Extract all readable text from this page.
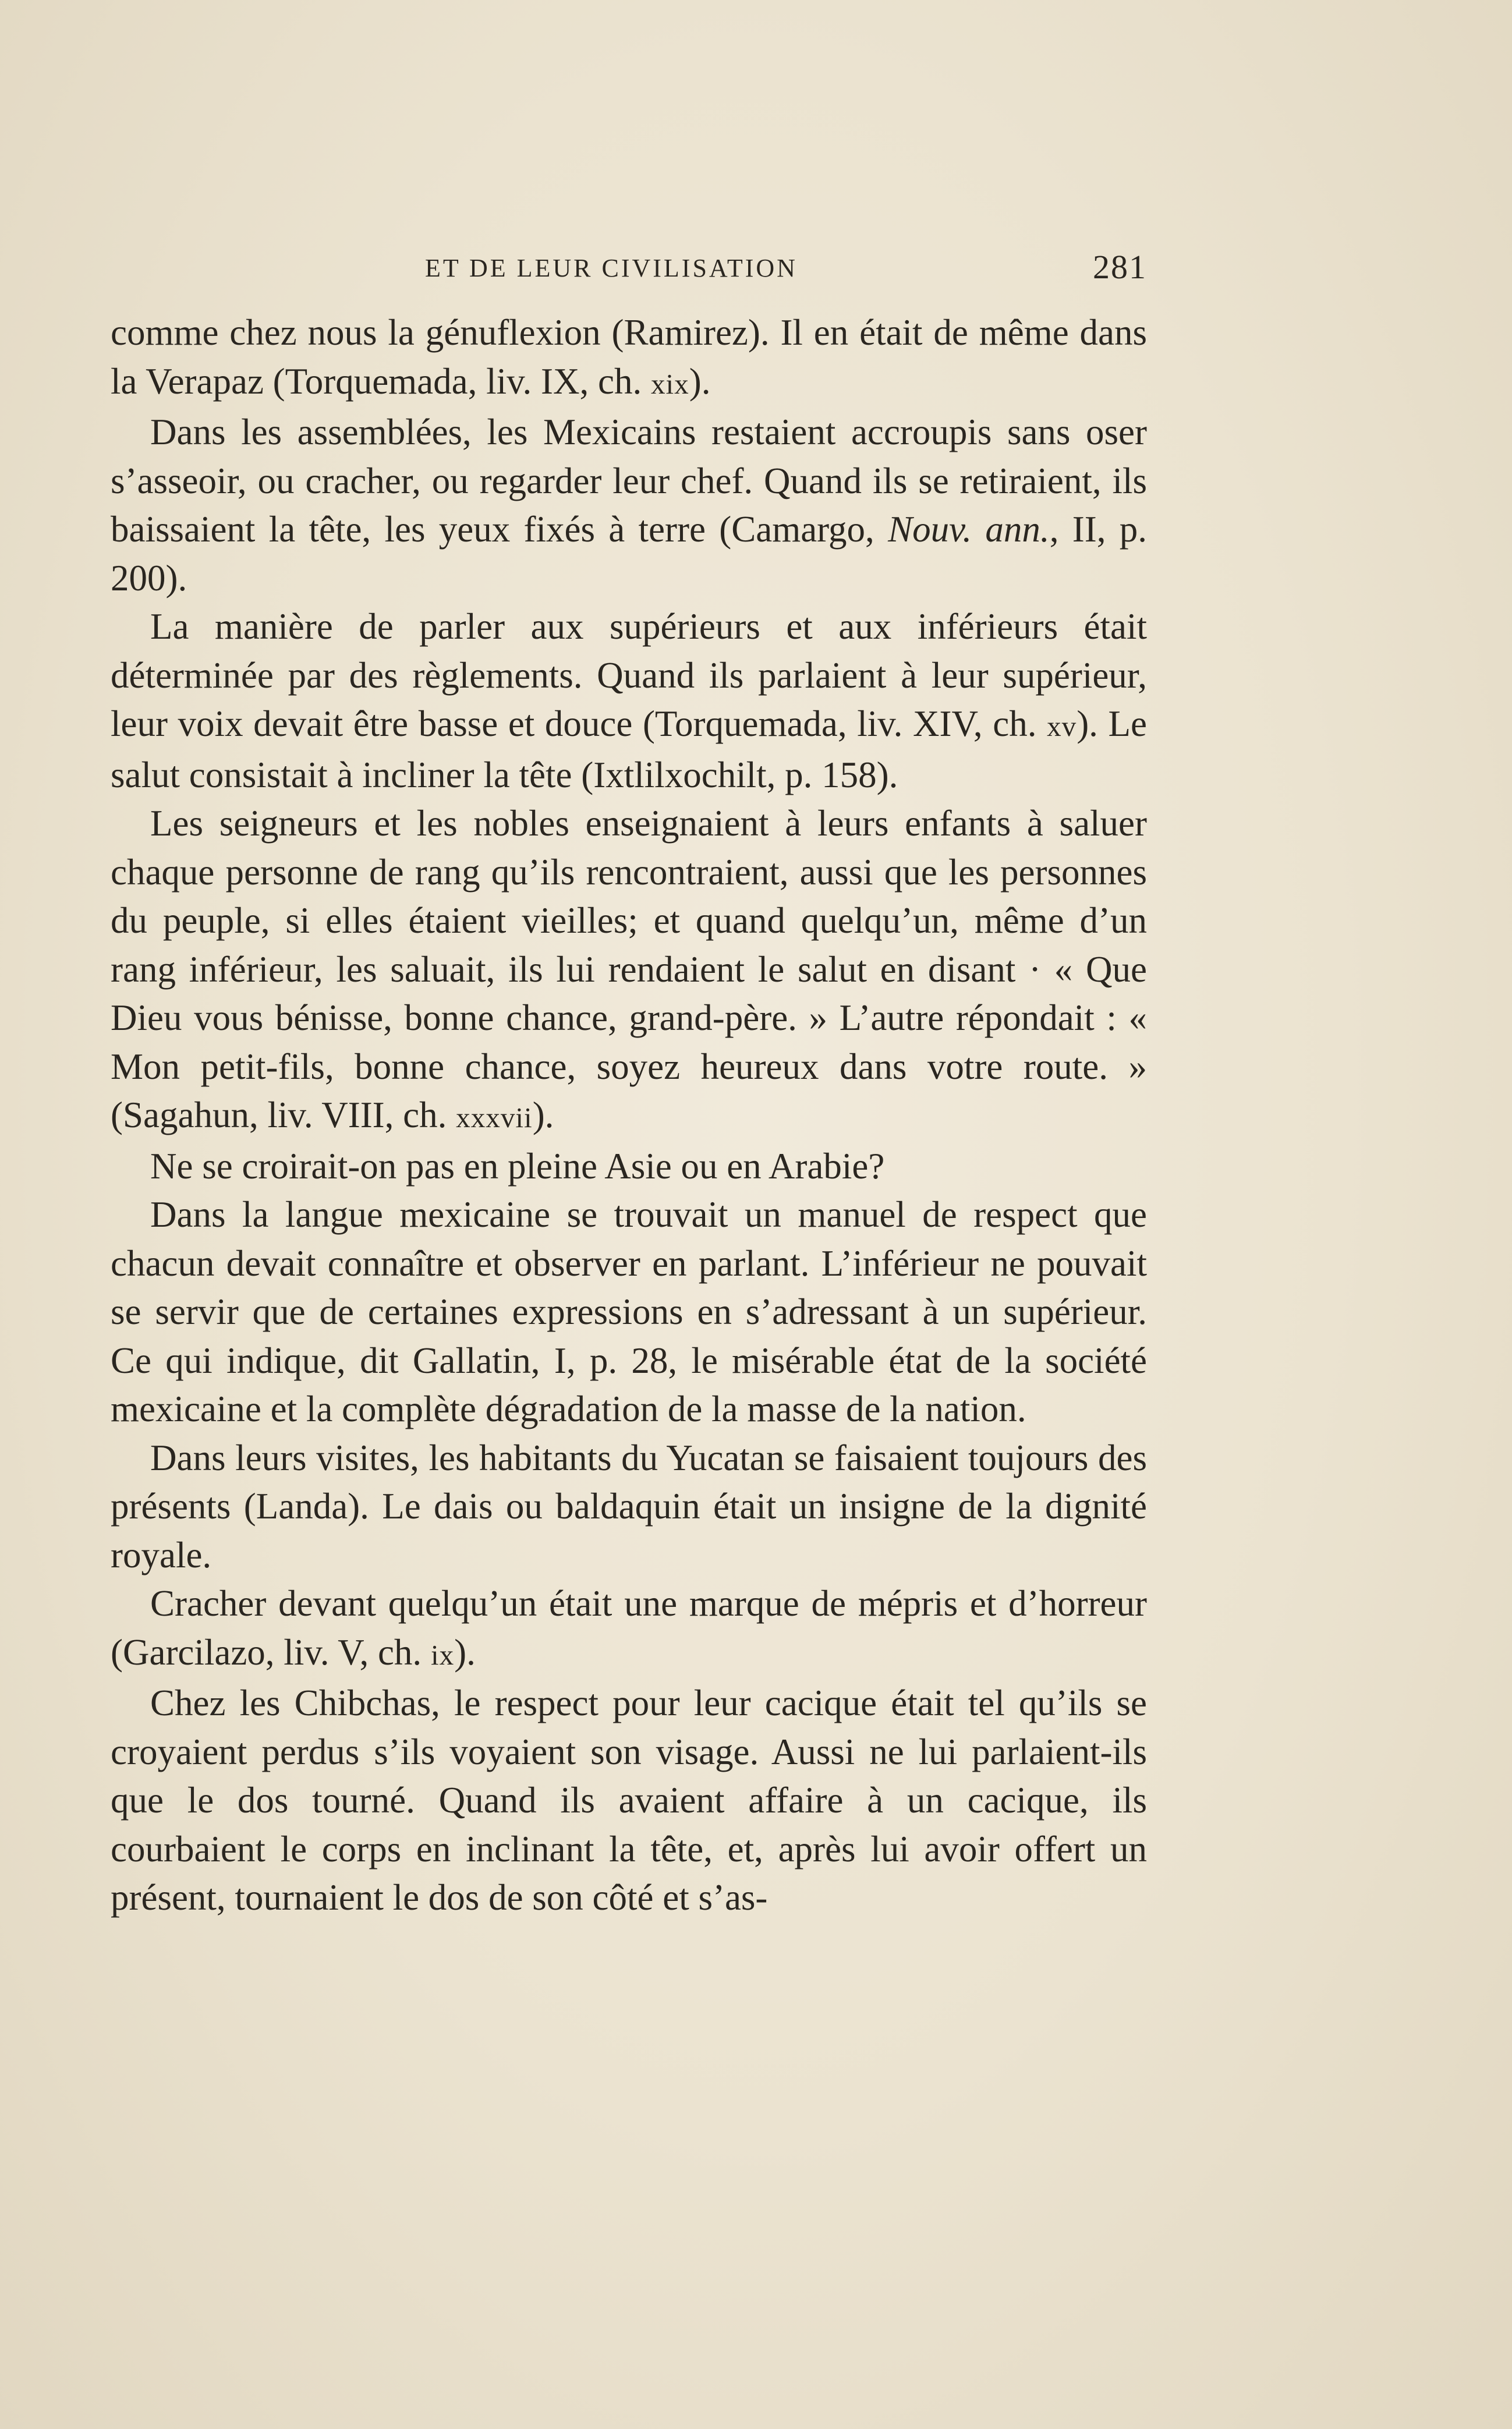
ET DE LEUR CIVILISATION	281

comme chez nous la génuflexion (Ramirez). Il en était de même dans la Verapaz (Torquemada, liv. IX, ch. xix).

Dans les assemblées, les Mexicains restaient accroupis sans oser s’asseoir, ou cracher, ou regarder leur chef. Quand ils se retiraient, ils baissaient la tête, les yeux fixés à terre (Camargo, Nouv. ann., II, p. 200).

La manière de parler aux supérieurs et aux inférieurs était déterminée par des règlements. Quand ils parlaient à leur supérieur, leur voix devait être basse et douce (Torquemada, liv. XIV, ch. xv). Le salut consistait à incliner la tête (Ixtlilxochilt, p. 158).

Les seigneurs et les nobles enseignaient à leurs enfants à saluer chaque personne de rang qu’ils rencontraient, aussi que les personnes du peuple, si elles étaient vieilles; et quand quelqu’un, même d’un rang inférieur, les saluait, ils lui rendaient le salut en disant · « Que Dieu vous bénisse, bonne chance, grand-père. » L’autre répondait : « Mon petit-fils, bonne chance, soyez heureux dans votre route. » (Sagahun, liv. VIII, ch. xxxvii).

Ne se croirait-on pas en pleine Asie ou en Arabie?

Dans la langue mexicaine se trouvait un manuel de respect que chacun devait connaître et observer en parlant. L’inférieur ne pouvait se servir que de certaines expressions en s’adressant à un supérieur. Ce qui indique, dit Gallatin, I, p. 28, le misérable état de la société mexicaine et la complète dégradation de la masse de la nation.

Dans leurs visites, les habitants du Yucatan se faisaient toujours des présents (Landa). Le dais ou baldaquin était un insigne de la dignité royale.

Cracher devant quelqu’un était une marque de mépris et d’horreur (Garcilazo, liv. V, ch. ix).

Chez les Chibchas, le respect pour leur cacique était tel qu’ils se croyaient perdus s’ils voyaient son visage. Aussi ne lui parlaient-ils que le dos tourné. Quand ils avaient affaire à un cacique, ils courbaient le corps en inclinant la tête, et, après lui avoir offert un présent, tournaient le dos de son côté et s’as-
